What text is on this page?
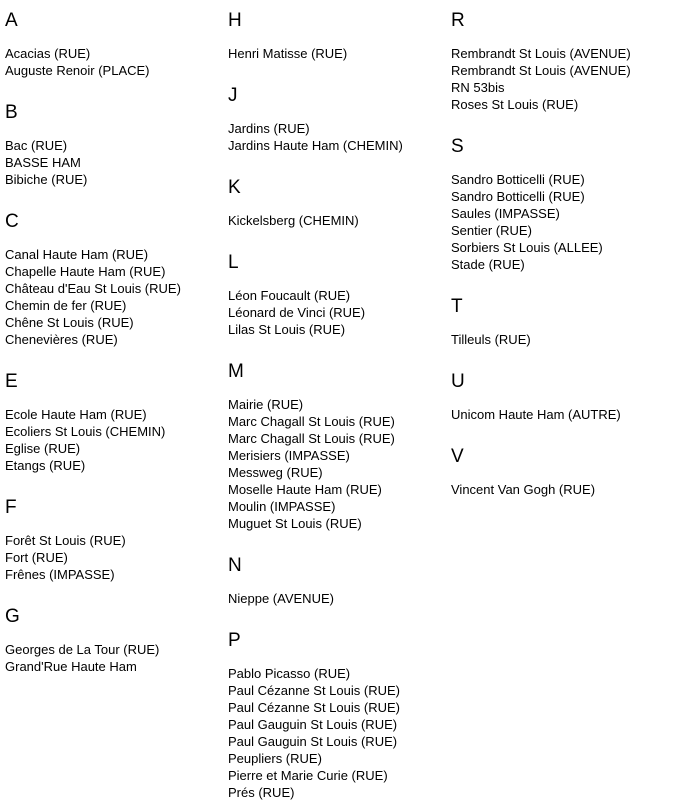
A
Acacias (RUE)
Auguste Renoir (PLACE)
B
Bac (RUE)
BASSE HAM
Bibiche (RUE)
C
Canal Haute Ham (RUE)
Chapelle Haute Ham (RUE)
Château d'Eau St Louis (RUE)
Chemin de fer (RUE)
Chêne St Louis (RUE)
Chenevières (RUE)
E
Ecole Haute Ham (RUE)
Ecoliers St Louis (CHEMIN)
Eglise (RUE)
Etangs (RUE)
F
Forêt St Louis (RUE)
Fort (RUE)
Frênes (IMPASSE)
G
Georges de La Tour (RUE)
Grand'Rue Haute Ham
H
Henri Matisse (RUE)
J
Jardins (RUE)
Jardins Haute Ham (CHEMIN)
K
Kickelsberg (CHEMIN)
L
Léon Foucault (RUE)
Léonard de Vinci (RUE)
Lilas St Louis (RUE)
M
Mairie (RUE)
Marc Chagall St Louis (RUE)
Marc Chagall St Louis (RUE)
Merisiers (IMPASSE)
Messweg (RUE)
Moselle Haute Ham (RUE)
Moulin (IMPASSE)
Muguet St Louis (RUE)
N
Nieppe (AVENUE)
P
Pablo Picasso (RUE)
Paul Cézanne St Louis (RUE)
Paul Cézanne St Louis (RUE)
Paul Gauguin St Louis (RUE)
Paul Gauguin St Louis (RUE)
Peupliers (RUE)
Pierre et Marie Curie (RUE)
Prés (RUE)
R
Rembrandt St Louis (AVENUE)
Rembrandt St Louis (AVENUE)
RN 53bis
Roses St Louis (RUE)
S
Sandro Botticelli (RUE)
Sandro Botticelli (RUE)
Saules (IMPASSE)
Sentier (RUE)
Sorbiers St Louis (ALLEE)
Stade (RUE)
T
Tilleuls (RUE)
U
Unicom Haute Ham (AUTRE)
V
Vincent Van Gogh (RUE)
